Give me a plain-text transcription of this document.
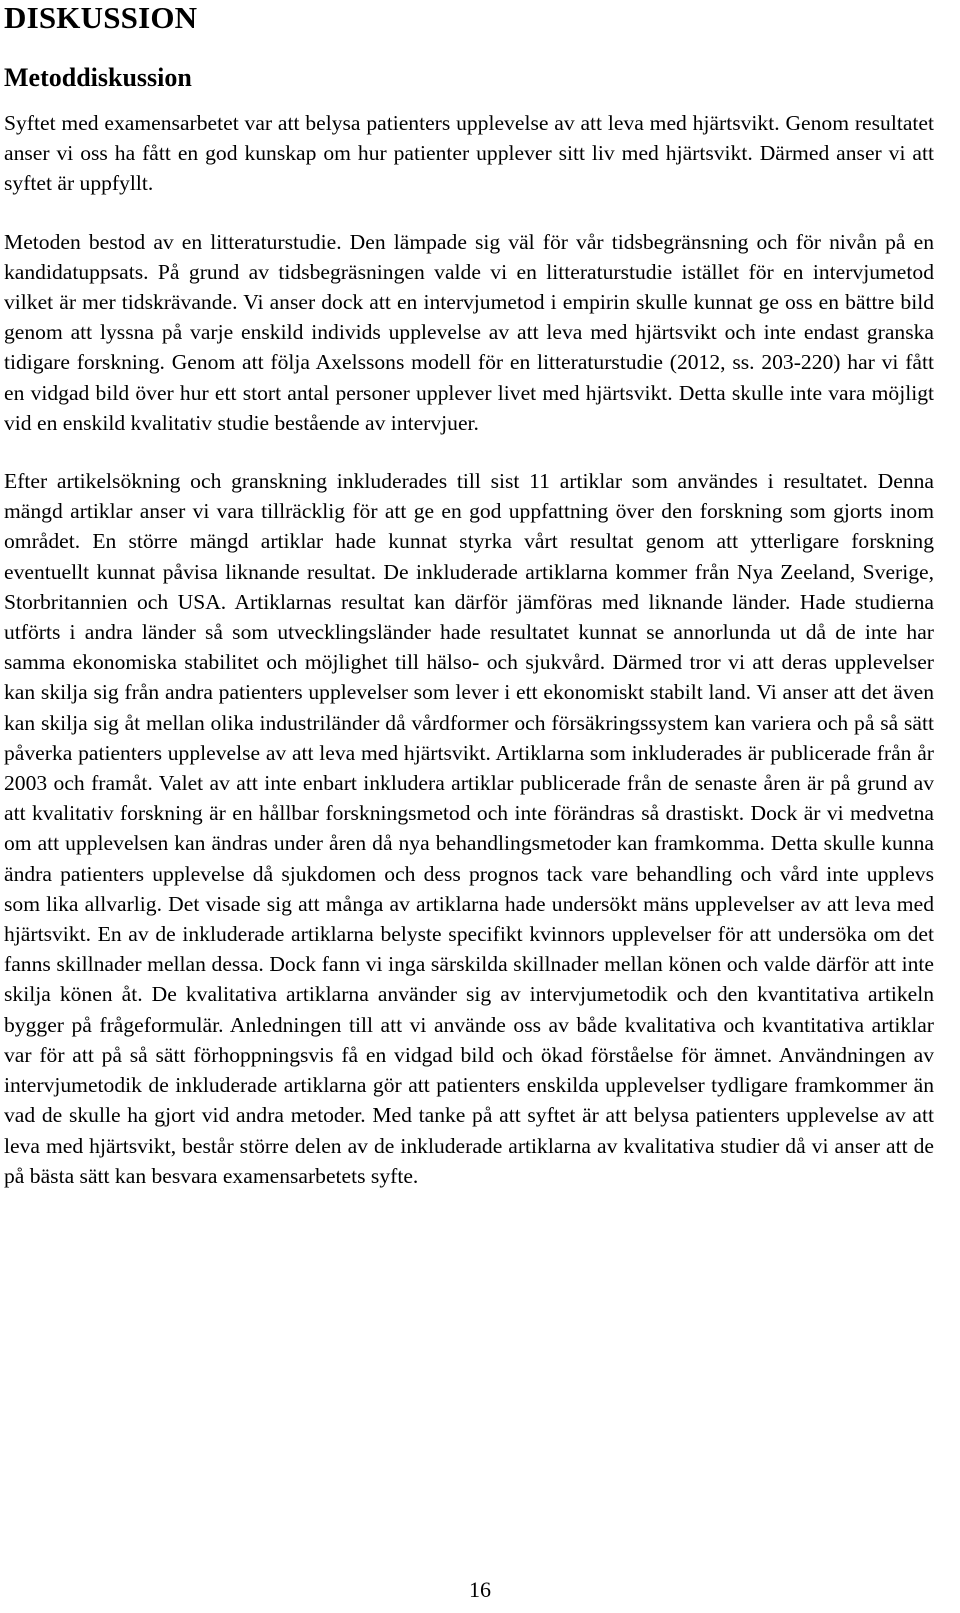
DISKUSSION
Metoddiskussion

Syftet med examensarbetet var att belysa patienters upplevelse av att leva med hjärtsvikt. Genom resultatet anser vi oss ha fått en god kunskap om hur patienter upplever sitt liv med hjärtsvikt. Därmed anser vi att syftet är uppfyllt.

Metoden bestod av en litteraturstudie. Den lämpade sig väl för vår tidsbegränsning och för nivån på en kandidatuppsats. På grund av tidsbegräsningen valde vi en litteraturstudie istället för en intervjumetod vilket är mer tidskrävande. Vi anser dock att en intervjumetod i empirin skulle kunnat ge oss en bättre bild genom att lyssna på varje enskild individs upplevelse av att leva med hjärtsvikt och inte endast granska tidigare forskning. Genom att följa Axelssons modell för en litteraturstudie (2012, ss. 203-220) har vi fått en vidgad bild över hur ett stort antal personer upplever livet med hjärtsvikt. Detta skulle inte vara möjligt vid en enskild kvalitativ studie bestående av intervjuer.

Efter artikelsökning och granskning inkluderades till sist 11 artiklar som användes i resultatet. Denna mängd artiklar anser vi vara tillräcklig för att ge en god uppfattning över den forskning som gjorts inom området. En större mängd artiklar hade kunnat styrka vårt resultat genom att ytterligare forskning eventuellt kunnat påvisa liknande resultat. De inkluderade artiklarna kommer från Nya Zeeland, Sverige, Storbritannien och USA. Artiklarnas resultat kan därför jämföras med liknande länder. Hade studierna utförts i andra länder så som utvecklingsländer hade resultatet kunnat se annorlunda ut då de inte har samma ekonomiska stabilitet och möjlighet till hälso- och sjukvård. Därmed tror vi att deras upplevelser kan skilja sig från andra patienters upplevelser som lever i ett ekonomiskt stabilt land. Vi anser att det även kan skilja sig åt mellan olika industriländer då vårdformer och försäkringssystem kan variera och på så sätt påverka patienters upplevelse av att leva med hjärtsvikt. Artiklarna som inkluderades är publicerade från år 2003 och framåt. Valet av att inte enbart inkludera artiklar publicerade från de senaste åren är på grund av att kvalitativ forskning är en hållbar forskningsmetod och inte förändras så drastiskt. Dock är vi medvetna om att upplevelsen kan ändras under åren då nya behandlingsmetoder kan framkomma. Detta skulle kunna ändra patienters upplevelse då sjukdomen och dess prognos tack vare behandling och vård inte upplevs som lika allvarlig. Det visade sig att många av artiklarna hade undersökt mäns upplevelser av att leva med hjärtsvikt. En av de inkluderade artiklarna belyste specifikt kvinnors upplevelser för att undersöka om det fanns skillnader mellan dessa. Dock fann vi inga särskilda skillnader mellan könen och valde därför att inte skilja könen åt. De kvalitativa artiklarna använder sig av intervjumetodik och den kvantitativa artikeln bygger på frågeformulär. Anledningen till att vi använde oss av både kvalitativa och kvantitativa artiklar var för att på så sätt förhoppningsvis få en vidgad bild och ökad förståelse för ämnet. Användningen av intervjumetodik de inkluderade artiklarna gör att patienters enskilda upplevelser tydligare framkommer än vad de skulle ha gjort vid andra metoder. Med tanke på att syftet är att belysa patienters upplevelse av att leva med hjärtsvikt, består större delen av de inkluderade artiklarna av kvalitativa studier då vi anser att de på bästa sätt kan besvara examensarbetets syfte.

16
